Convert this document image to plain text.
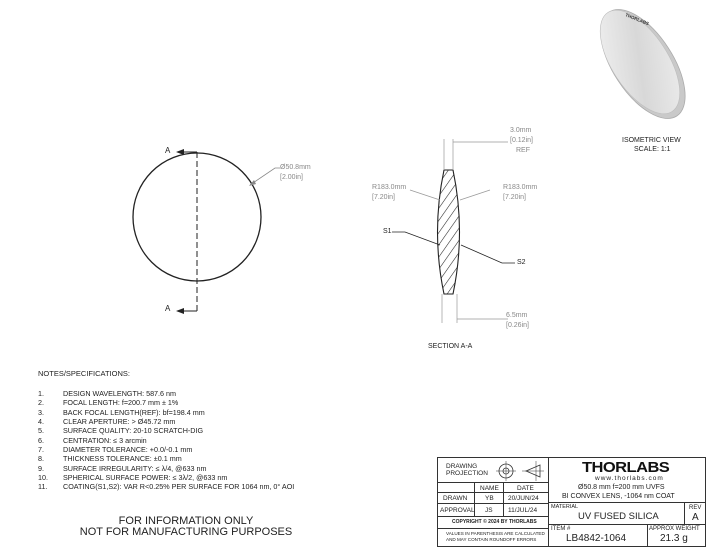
A
A
Ø50.8mm
[2.00in]
3.0mm
[0.12in]
REF
R183.0mm
[7.20in]
R183.0mm
[7.20in]
S1
S2
6.5mm
[0.26in]
SECTION A-A
THORLABS
ISOMETRIC VIEW
SCALE: 1:1
NOTES/SPECIFICATIONS:
1.	DESIGN WAVELENGTH: 587.6 nm
2.	FOCAL LENGTH: f=200.7 mm ± 1%
3.	BACK FOCAL LENGTH(REF): bf=198.4 mm
4.	CLEAR APERTURE: > Ø45.72 mm
5.	SURFACE QUALITY: 20-10 SCRATCH-DIG
6.	CENTRATION: ≤ 3 arcmin
7.	DIAMETER TOLERANCE: +0.0/-0.1 mm
8.	THICKNESS TOLERANCE: ±0.1 mm
9.	SURFACE IRREGULARITY: ≤ λ/4, @633 nm
10.	SPHERICAL SURFACE POWER: ≤ 3λ/2, @633 nm
11.	COATING(S1,S2): VAR R<0.25% PER SURFACE FOR 1064 nm, 0° AOI
FOR INFORMATION ONLY
NOT FOR MANUFACTURING PURPOSES
DRAWING
PROJECTION
NAME	DATE
DRAWN	YB 20/JUN/24
APPROVAL JS 11/JUL/24
COPYRIGHT © 2024 BY THORLABS
VALUES IN PARENTHESIS ARE CALCULATED
AND MAY CONTAIN ROUNDOFF ERRORS
THORLABS
www.thorlabs.com
Ø50.8 mm f=200 mm UVFS
BI CONVEX LENS, -1064 nm COAT
MATERIAL
UV FUSED SILICA
REV
A
ITEM #
LB4842-1064
APPROX WEIGHT
21.3 g
